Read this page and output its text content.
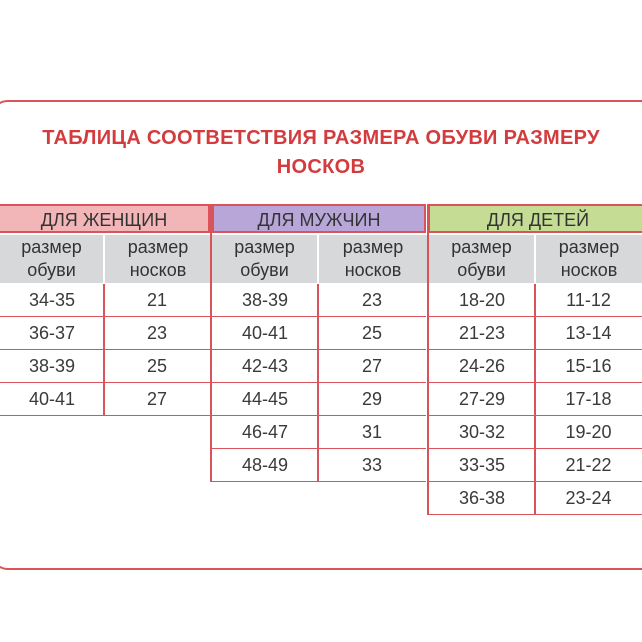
ТАБЛИЦА СООТВЕТСТВИЯ РАЗМЕРА ОБУВИ РАЗМЕРУ
НОСКОВ
ДЛЯ ЖЕНЩИН	ДЛЯ МУЖЧИН	ДЛЯ ДЕТЕЙ
размер
обуви
размер
носков
размер
обуви
размер
носков
размер
обуви
размер
носков
34-35
36-37
38-39
40-41
21
23
25
27
38-39
40-41
42-43
44-45
46-47
48-49
23
25
27
29
31
33
18-20
21-23
24-26
27-29
30-32
33-35
36-38
11-12
13-14
15-16
17-18
19-20
21-22
23-24
